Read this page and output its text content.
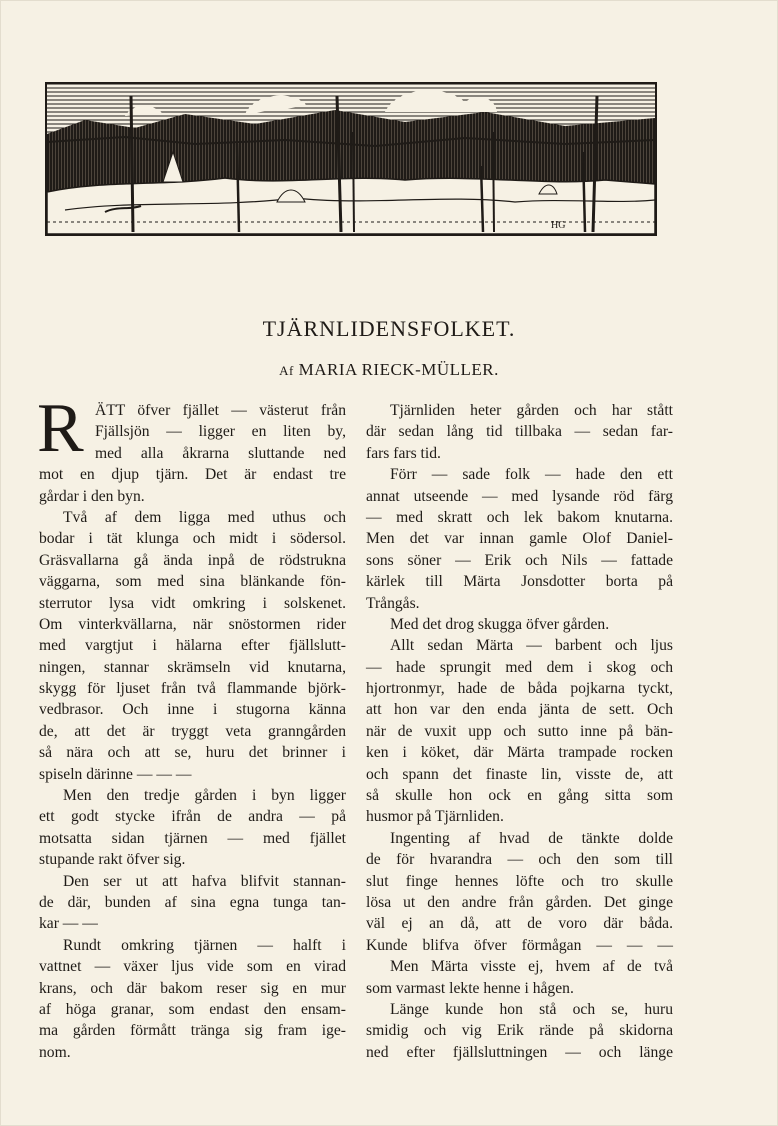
HG
TJÄRNLIDENSFOLKET.
Af MARIA RIECK-MÜLLER.
R ÄTT öfver fjället — västerut från
Fjällsjön — ligger en liten by,
med alla åkrarna sluttande ned
mot en djup tjärn. Det är endast tre
gårdar i den byn.
Två af dem ligga med uthus och
bodar i tät klunga och midt i södersol.
Gräsvallarna gå ända inpå de rödstrukna
väggarna, som med sina blänkande fön-
sterrutor lysa vidt omkring i solskenet.
Om vinterkvällarna, när snöstormen rider
med vargtjut i hälarna efter fjällslutt-
ningen, stannar skrämseln vid knutarna,
skygg för ljuset från två flammande björk-
vedbrasor. Och inne i stugorna känna
de, att det är tryggt veta granngården
så nära och att se, huru det brinner i
spiseln därinne — — —
Men den tredje gården i byn ligger
ett godt stycke ifrån de andra — på
motsatta sidan tjärnen — med fjället
stupande rakt öfver sig.
Den ser ut att hafva blifvit stannan-
de där, bunden af sina egna tunga tan-
kar — —
Rundt omkring tjärnen — halft i
vattnet — växer ljus vide som en virad
krans, och där bakom reser sig en mur
af höga granar, som endast den ensam-
ma gården förmått tränga sig fram ige-
nom.
Tjärnliden heter gården och har stått
där sedan lång tid tillbaka — sedan far-
fars fars tid.
Förr — sade folk — hade den ett
annat utseende — med lysande röd färg
— med skratt och lek bakom knutarna.
Men det var innan gamle Olof Daniel-
sons söner — Erik och Nils — fattade
kärlek till Märta Jonsdotter borta på
Trångås.
Med det drog skugga öfver gården.
Allt sedan Märta — barbent och ljus
— hade sprungit med dem i skog och
hjortronmyr, hade de båda pojkarna tyckt,
att hon var den enda jänta de sett. Och
när de vuxit upp och sutto inne på bän-
ken i köket, där Märta trampade rocken
och spann det finaste lin, visste de, att
så skulle hon ock en gång sitta som
husmor på Tjärnliden.
Ingenting af hvad de tänkte dolde
de för hvarandra — och den som till
slut finge hennes löfte och tro skulle
lösa ut den andre från gården. Det ginge
väl ej an då, att de voro där båda.
Kunde blifva öfver förmågan — — —
Men Märta visste ej, hvem af de två
som varmast lekte henne i hågen.
Länge kunde hon stå och se, huru
smidig och vig Erik rände på skidorna
ned efter fjällsluttningen — och länge
